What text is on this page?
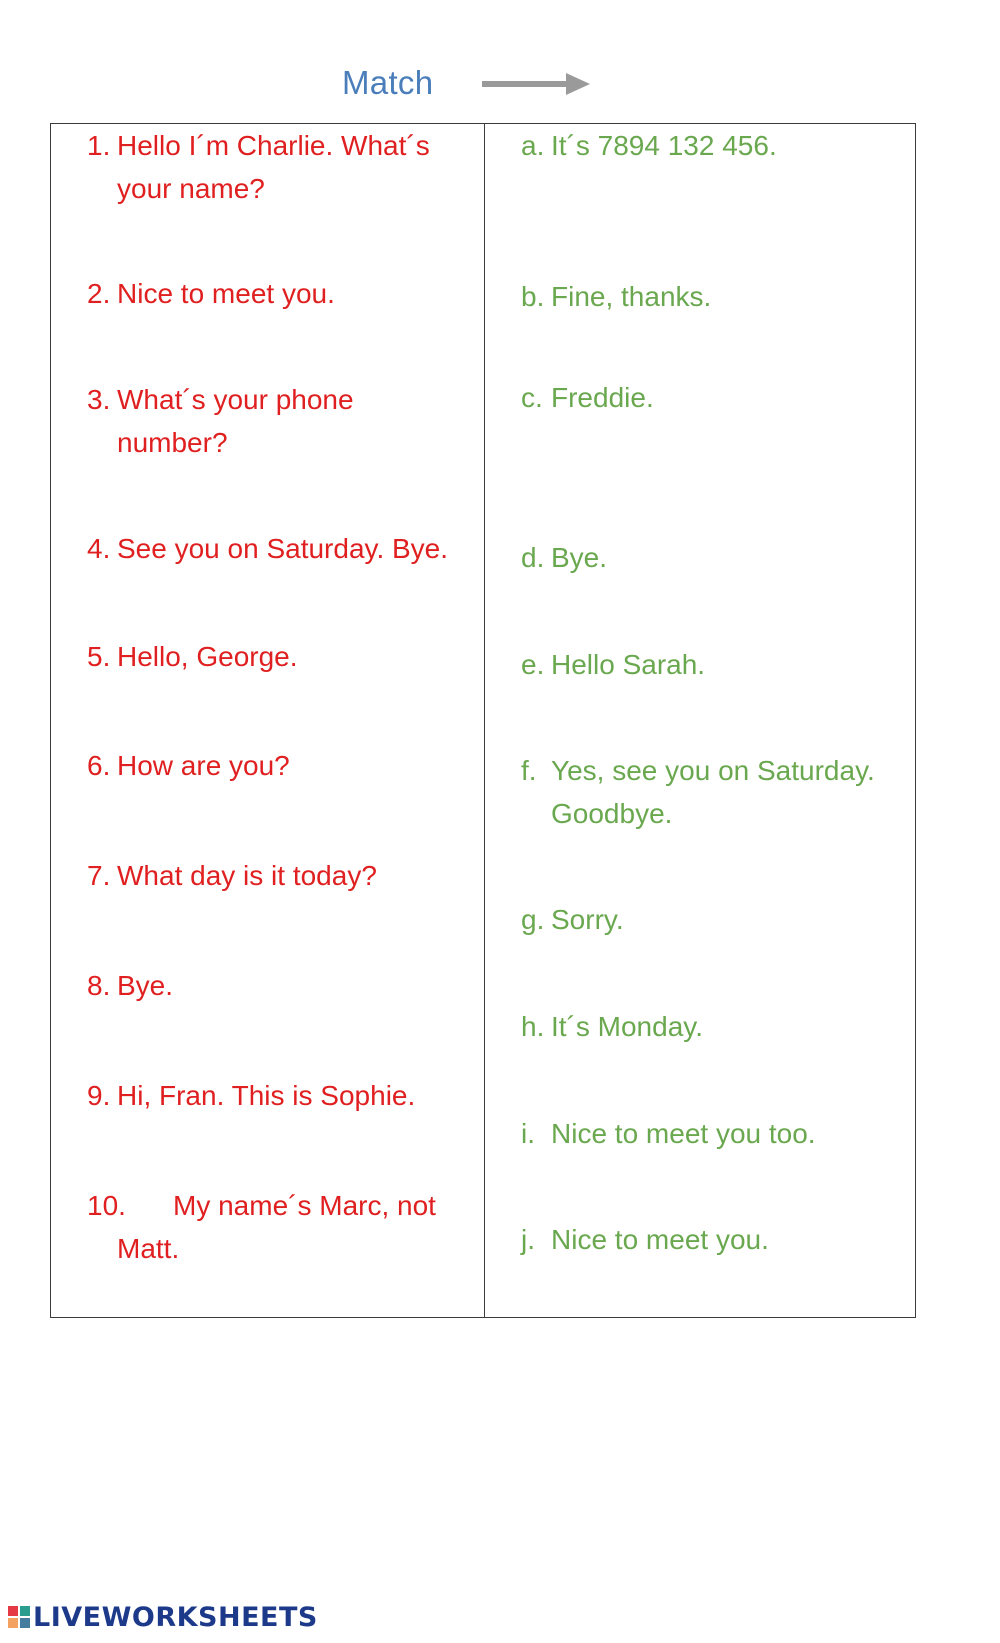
Match
1. Hello I´m Charlie. What´s
your name?
2. Nice to meet you.
3. What´s your phone
number?
4. See you on Saturday. Bye.
5. Hello, George.
6. How are you?
7. What day is it today?
8. Bye.
9. Hi, Fran. This is Sophie.
10. My name´s Marc, not
Matt.
a. It´s 7894 132 456.
b. Fine, thanks.
c. Freddie.
d. Bye.
e. Hello Sarah.
f. Yes, see you on Saturday.
Goodbye.
g. Sorry.
h. It´s Monday.
i. Nice to meet you too.
j. Nice to meet you.
LIVEWORKSHEETS
